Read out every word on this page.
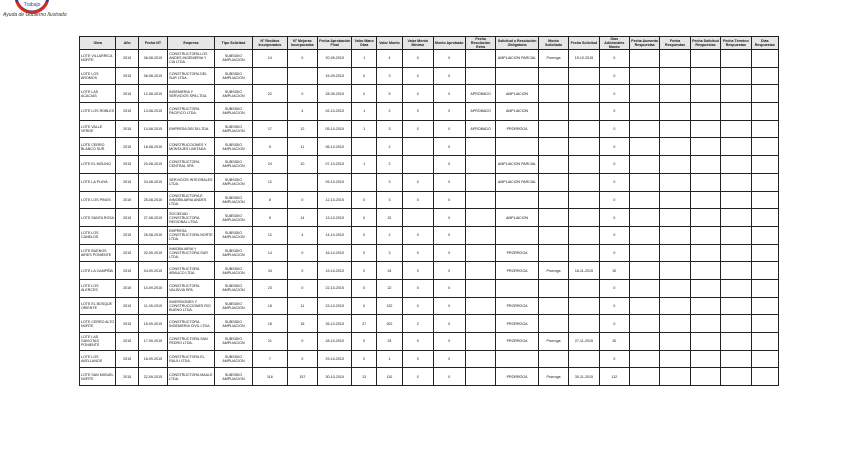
Trabajo
Ayuda de Gobierno Ilustrado
Obra	Año	Fecha NT	Empresa	Tipo Solicitud	N° Recibos Incorporados	N° Mejoras Incorporadas	Fecha Aprobación Final	Valor Mano Obra	Valor Monto	Valor Monto Mínimo	Monto Aprobado	Fecha Resolución Extra	Solicitud o Resolución Obligatoria	Monto Solicitado	Fecha Solicitud	Días Adicionales Monto	Fecha Aumento Respuestas	Fecha Respuestas	Fecha Solicitud Respuestas	Fecha Término Respuestas	Días Respuestas
LOTE VILLARRICA NORTE	2015	06-08-2015	CONSTRUCTORA LOS ANDES INGENIERIA Y CIA LTDA.	SUBSIDIO AMPLIACION	14	0	20-09-2015	1	4	0	0		AMPLIACION PARCIAL	Prorroga	19-10-2015	0					
LOTE LOS AROMOS	2015	06-08-2015	CONSTRUCTORA DEL SUR LTDA.	SUBSIDIO AMPLIACION			15-09-2015	0	3	0	0					0					
LOTE LAS ACACIAS	2015	12-08-2015	INGENIERIA Y SERVICIOS SPA LTDA.	SUBSIDIO AMPLIACION	22	0	28-09-2015	0	5	0	0	APROBADO	AMPLIACION			0					
LOTE LOS ROBLES	2015	13-08-2015	CONSTRUCTORA PACIFICO LTDA.	SUBSIDIO AMPLIACION		4	02-10-2015	1	2	0	0	APROBADO	AMPLIACION			0					
LOTE VALLE VERDE	2015	14-08-2015	EMPRESA DELTA LTDA.	SUBSIDIO AMPLIACION	17	12	05-10-2015	1	3	0	0	APROBADO	PRORROGA			0					
LOTE CERRO BLANCO SUR	2015	18-08-2015	CONSTRUCCIONES Y MONTAJES LIMITADA	SUBSIDIO AMPLIACION	5	11	06-10-2015		2		0					0					
LOTE EL MOLINO	2015	20-08-2015	CONSTRUCTORA CENTRAL SPA	SUBSIDIO AMPLIACION	24	10	07-10-2015	1	2		0		AMPLIACION PARCIAL			0					
LOTE LA PLAYA	2015	24-08-2015	SERVICIOS INTEGRALES LTDA.	SUBSIDIO AMPLIACION	12		09-10-2015		3	0	0		AMPLIACION PARCIAL			0					
LOTE LOS PINOS	2015	25-08-2015	CONSTRUCTORA E INMOBILIARIA ANDES LTDA.	SUBSIDIO AMPLIACION	8	0	12-10-2015	0	3	0	0					0					
LOTE SANTA ROSA	2015	27-08-2015	SOCIEDAD CONSTRUCTORA REGIONAL LTDA.	SUBSIDIO AMPLIACION	5	14	13-10-2015	0	22		0		AMPLIACION			0					
LOTE LOS CANELOS	2015	28-08-2015	EMPRESA CONSTRUCTORA NORTE LTDA.	SUBSIDIO AMPLIACION	12	4	14-10-2015	0	2	0	0					0					
LOTE BUENOS AIRES PONIENTE	2015	02-09-2015	INMOBILIARIA Y CONSTRUCTORA SUR LTDA.	SUBSIDIO AMPLIACION	14	0	16-10-2015	0	3	0	0		PRORROGA			0					
LOTE LA CAMPIÑA	2015	04-09-2015	CONSTRUCTORA ARAUCO LTDA.	SUBSIDIO AMPLIACION	34	0	19-10-2015	0	24	0	0		PRORROGA	Prorroga	18-11-2015	30					
LOTE LOS ALERCES	2015	10-09-2015	CONSTRUCTORA VALDIVIA SPA	SUBSIDIO AMPLIACION	23	0	22-10-2015	0	22	0	0					0					
LOTE EL BOSQUE ORIENTE	2015	11-09-2015	INVERSIONES Y CONSTRUCCIONES RIO BUENO LTDA.	SUBSIDIO AMPLIACION	18	11	23-10-2015	0	132	0	0		PRORROGA			0					
LOTE CERRO ALTO NORTE	2015	15-09-2015	CONSTRUCTORA INGENIERIA CIVIL LTDA.	SUBSIDIO AMPLIACION	18	16	26-10-2015	27	202	2	0		PRORROGA			0					
LOTE LAS GAVIOTAS PONIENTE	2015	17-09-2015	CONSTRUCTORA SAN PEDRO LTDA.	SUBSIDIO AMPLIACION	21	0	28-10-2015	0	24	0	0		PRORROGA	Prorroga	27-11-2015	30					
LOTE LOS AVELLANOS	2015	18-09-2015	CONSTRUCTORA EL RAULI LTDA.	SUBSIDIO AMPLIACION	7	0	29-10-2015	0	1	0	0					0					
LOTE SAN MIGUEL NORTE	2015	22-09-2015	CONSTRUCTORA MAULE LTDA.	SUBSIDIO AMPLIACION	116	157	30-10-2015	13	110	0	0		PRORROGA	Prorroga	30-11-2015	112					
